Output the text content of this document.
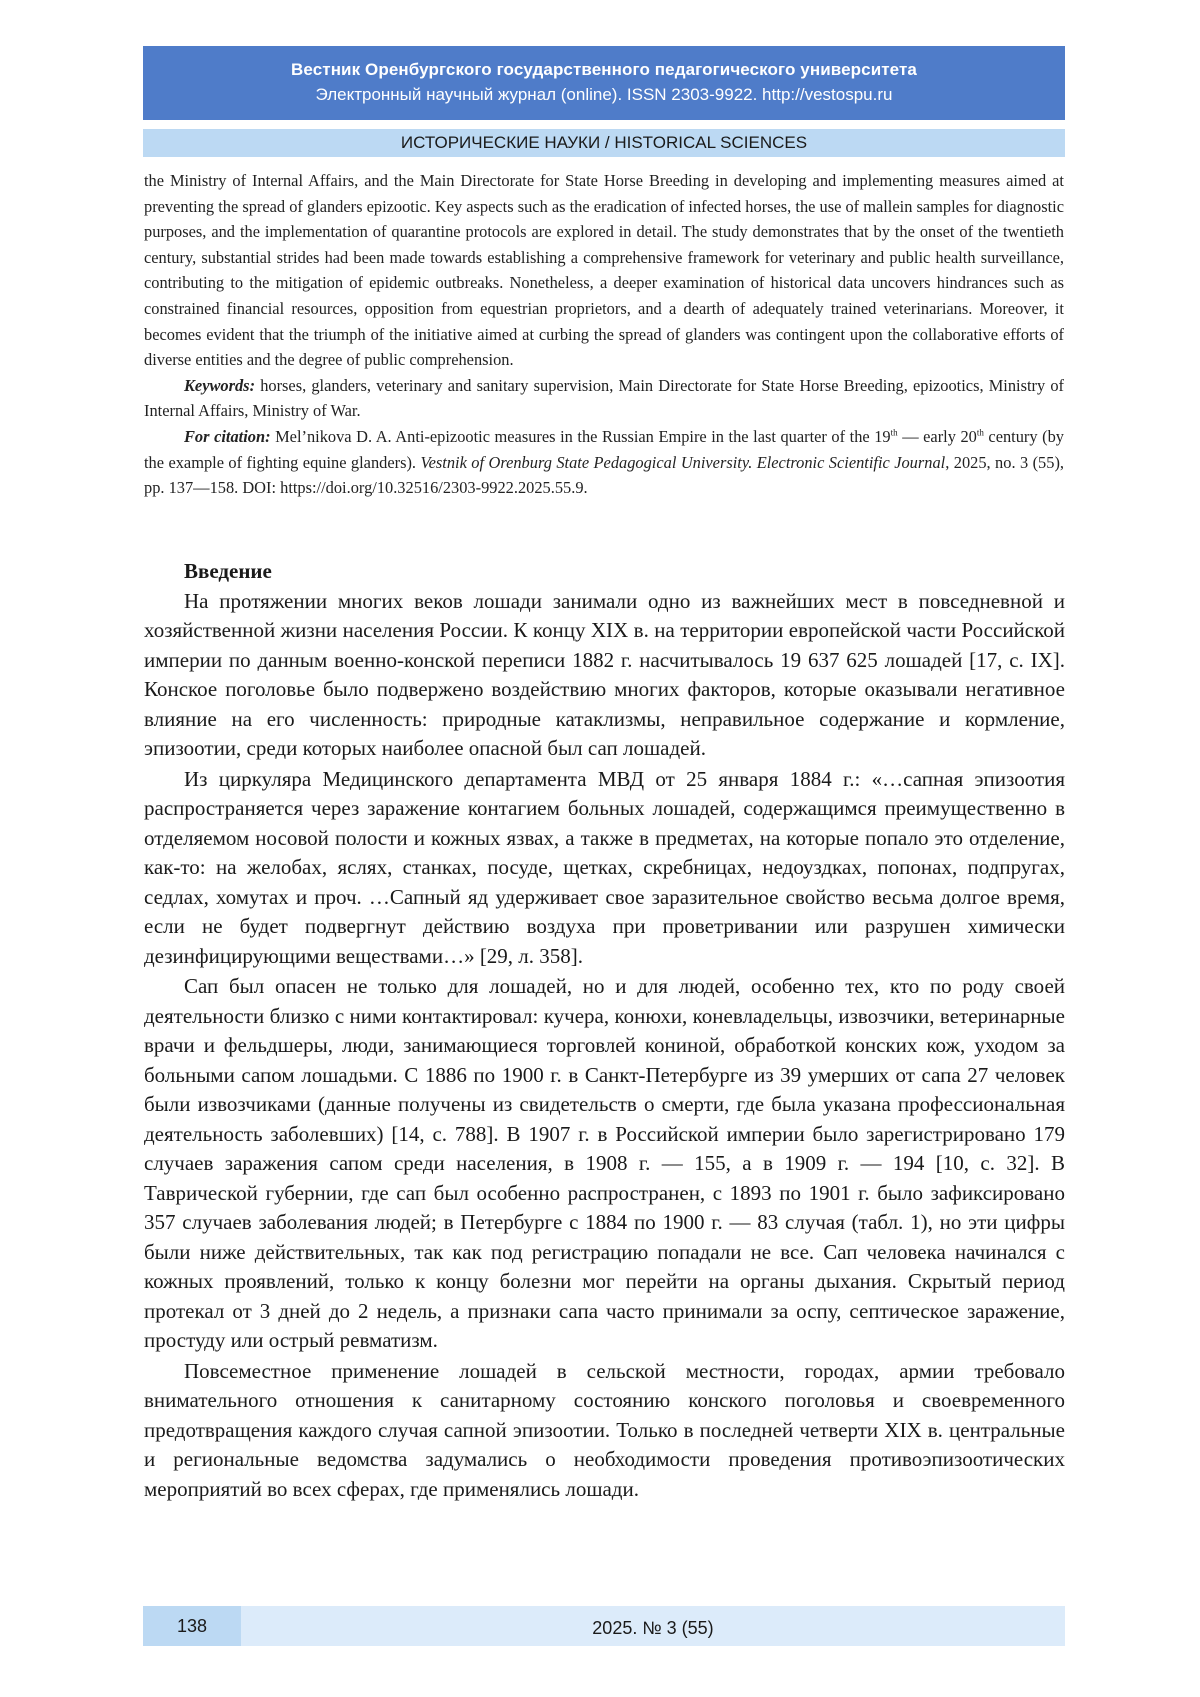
Вестник Оренбургского государственного педагогического университета
Электронный научный журнал (online). ISSN 2303-9922. http://vestospu.ru
ИСТОРИЧЕСКИЕ НАУКИ / HISTORICAL SCIENCES

the Ministry of Internal Affairs, and the Main Directorate for State Horse Breeding in developing and implementing measures aimed at preventing the spread of glanders epizootic. Key aspects such as the eradication of infected horses, the use of mallein samples for diagnostic purposes, and the implementation of quarantine protocols are explored in detail. The study demonstrates that by the onset of the twentieth century, substantial strides had been made towards establishing a comprehensive framework for veterinary and public health surveillance, contributing to the mitigation of epidemic outbreaks. Nonetheless, a deeper examination of historical data uncovers hindrances such as constrained financial resources, opposition from equestrian proprietors, and a dearth of adequately trained veterinarians. Moreover, it becomes evident that the triumph of the initiative aimed at curbing the spread of glanders was contingent upon the collaborative efforts of diverse entities and the degree of public comprehension.

Keywords: horses, glanders, veterinary and sanitary supervision, Main Directorate for State Horse Breeding, epizootics, Ministry of Internal Affairs, Ministry of War.

For citation: Mel’nikova D. A. Anti-epizootic measures in the Russian Empire in the last quarter of the 19th — early 20th century (by the example of fighting equine glanders). Vestnik of Orenburg State Pedagogical University. Electronic Scientific Journal, 2025, no. 3 (55), pp. 137—158. DOI: https://doi.org/10.32516/2303-9922.2025.55.9.

Введение

На протяжении многих веков лошади занимали одно из важнейших мест в повседневной и хозяйственной жизни населения России. К концу XIX в. на территории европейской части Российской империи по данным военно-конской переписи 1882 г. насчитывалось 19 637 625 лошадей [17, с. IX]. Конское поголовье было подвержено воздействию многих факторов, которые оказывали негативное влияние на его численность: природные катаклизмы, неправильное содержание и кормление, эпизоотии, среди которых наиболее опасной был сап лошадей.

Из циркуляра Медицинского департамента МВД от 25 января 1884 г.: «…сапная эпизоотия распространяется через заражение контагием больных лошадей, содержащимся преимущественно в отделяемом носовой полости и кожных язвах, а также в предметах, на которые попало это отделение, как-то: на желобах, яслях, станках, посуде, щетках, скребницах, недоуздках, попонах, подпругах, седлах, хомутах и проч. …Сапный яд удерживает свое заразительное свойство весьма долгое время, если не будет подвергнут действию воздуха при проветривании или разрушен химически дезинфицирующими веществами…» [29, л. 358].

Сап был опасен не только для лошадей, но и для людей, особенно тех, кто по роду своей деятельности близко с ними контактировал: кучера, конюхи, коневладельцы, извозчики, ветеринарные врачи и фельдшеры, люди, занимающиеся торговлей кониной, обработкой конских кож, уходом за больными сапом лошадьми. С 1886 по 1900 г. в Санкт-Петербурге из 39 умерших от сапа 27 человек были извозчиками (данные получены из свидетельств о смерти, где была указана профессиональная деятельность заболевших) [14, с. 788]. В 1907 г. в Российской империи было зарегистрировано 179 случаев заражения сапом среди населения, в 1908 г. — 155, а в 1909 г. — 194 [10, с. 32]. В Таврической губернии, где сап был особенно распространен, с 1893 по 1901 г. было зафиксировано 357 случаев заболевания людей; в Петербурге с 1884 по 1900 г. — 83 случая (табл. 1), но эти цифры были ниже действительных, так как под регистрацию попадали не все. Сап человека начинался с кожных проявлений, только к концу болезни мог перейти на органы дыхания. Скрытый период протекал от 3 дней до 2 недель, а признаки сапа часто принимали за оспу, септическое заражение, простуду или острый ревматизм.

Повсеместное применение лошадей в сельской местности, городах, армии требовало внимательного отношения к санитарному состоянию конского поголовья и своевременного предотвращения каждого случая сапной эпизоотии. Только в последней четверти XIX в. центральные и региональные ведомства задумались о необходимости проведения противоэпизоотических мероприятий во всех сферах, где применялись лошади.

138	2025. № 3 (55)
